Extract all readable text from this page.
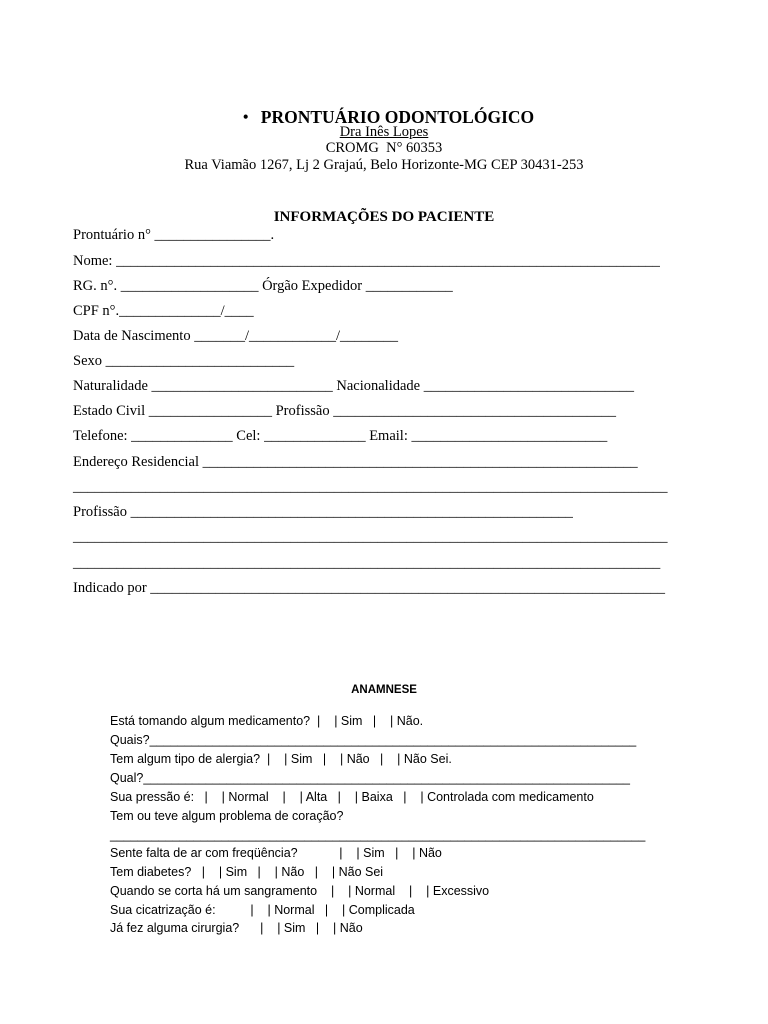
• PRONTUÁRIO ODONTOLÓGICO

Dra Inês Lopes
CROMG  N° 60353
Rua Viamão 1267, Lj 2 Grajaú, Belo Horizonte-MG CEP 30431-253
INFORMAÇÕES DO PACIENTE
Prontuário n° ________________.
Nome: ___________________________________________________________________________
RG. n°. ___________________ Órgão Expedidor ____________
CPF n°.______________/____
Data de Nascimento _______/____________/________
Sexo __________________________
Naturalidade _________________________ Nacionalidade _____________________________
Estado Civil _________________ Profissão _______________________________________
Telefone: ______________ Cel: ______________ Email: ___________________________
Endereço Residencial ____________________________________________________________
__________________________________________________________________________________
Profissão _____________________________________________________________
__________________________________________________________________________________
_________________________________________________________________________________
Indicado por _______________________________________________________________________
ANAMNESE
Está tomando algum medicamento?  |    | Sim   |    | Não.
Quais?______________________________________________________________________
Tem algum tipo de alergia?  |    | Sim   |    | Não   |    | Não Sei.
Qual?______________________________________________________________________
Sua pressão é:   |    | Normal    |    | Alta   |    | Baixa   |    | Controlada com medicamento
Tem ou teve algum problema de coração?
_____________________________________________________________________________
Sente falta de ar com freqüência?            |    | Sim   |    | Não
Tem diabetes?   |    | Sim   |    | Não   |    | Não Sei
Quando se corta há um sangramento    |    | Normal    |    | Excessivo
Sua cicatrização é:          |    | Normal   |    | Complicada
Já fez alguma cirurgia?      |    | Sim   |    | Não
